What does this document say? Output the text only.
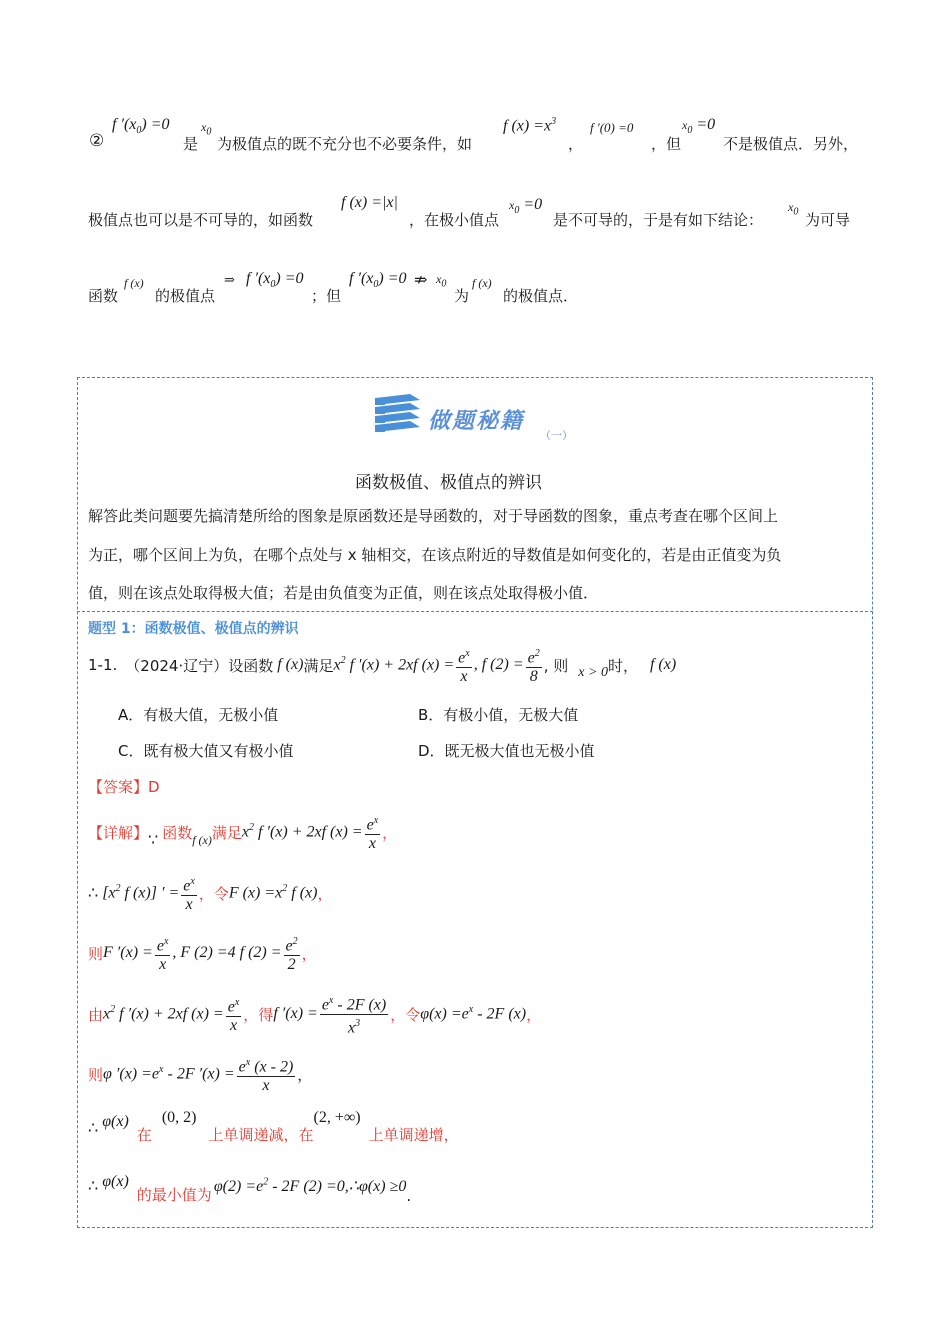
②
f $'(x_0) =0$
是
$x_0$
为极值点的既不充分也不必要条件，如
f $(x) =x^3$
，
f ′(0) =0
，但
$x_0 =0$
不是极值点．另外，
极值点也可以是不可导的，如函数
f (x) =|x|
，在极小值点
$x_0 =0$
是不可导的，于是有如下结论：
$x_0$ 为可导
函数
f (x)
的极值点
⇒ f $'(x_0) =0$
；但
f $'(x_0) =0$ ⇏ $x_0$
为
f (x)
的极值点．
做题秘籍
（一）
函数极值、极值点的辨识
解答此类问题要先搞清楚所给的图象是原函数还是导函数的，对于导函数的图象，重点考查在哪个区间上
为正，哪个区间上为负，在哪个点处与 x 轴相交，在该点附近的导数值是如何变化的，若是由正值变为负
值，则在该点处取得极大值；若是由负值变为正值，则在该点处取得极小值．
题型 1：函数极值、极值点的辨识
1-1. （2024·辽宁）设函数 f (x) 满足 $x^2$ f ′(x) + 2xf $(x) = \frac{e^x}{x}$ , f $(2) = \frac{e^2}{8}$ , 则 x > 0 时， f (x)
A．有极大值，无极小值	B．有极小值，无极大值
C．既有极大值又有极小值	D．既无极大值也无极小值
【答案】D
【详解】 ∵ 函数 f (x) 满足 $x^2$ f ′(x) + 2xf $(x) = \frac{e^x}{x}$ ，
∴ [$x^2$ f (x)] ′ = $\frac{e^x}{x}$ ，令 F $(x) =x^2$ f (x) ，
则 F $'(x) = \frac{e^x}{x}$ , F (2) =4 f $(2) = \frac{e^2}{2}$ ，
由 $x^2$ f ′(x) + 2xf $(x) = \frac{e^x}{x}$ ，得 f $'(x) = \frac{e^x - 2F (x)}{x^3}$ ，令 $\varphi(x) =e^x - 2F$ (x) ，
则 φ $'(x) =e^x - 2F$ $'(x) = \frac{e^x (x - 2)}{x}$ ，
∴ φ(x)
在
(0, 2)
上单调递减，在
(2, +∞)
上单调递增，
∴ φ(x)
的最小值为 $\varphi(2) =e^2 - 2F$ (2) =0,∴φ(x) ≥0
.
